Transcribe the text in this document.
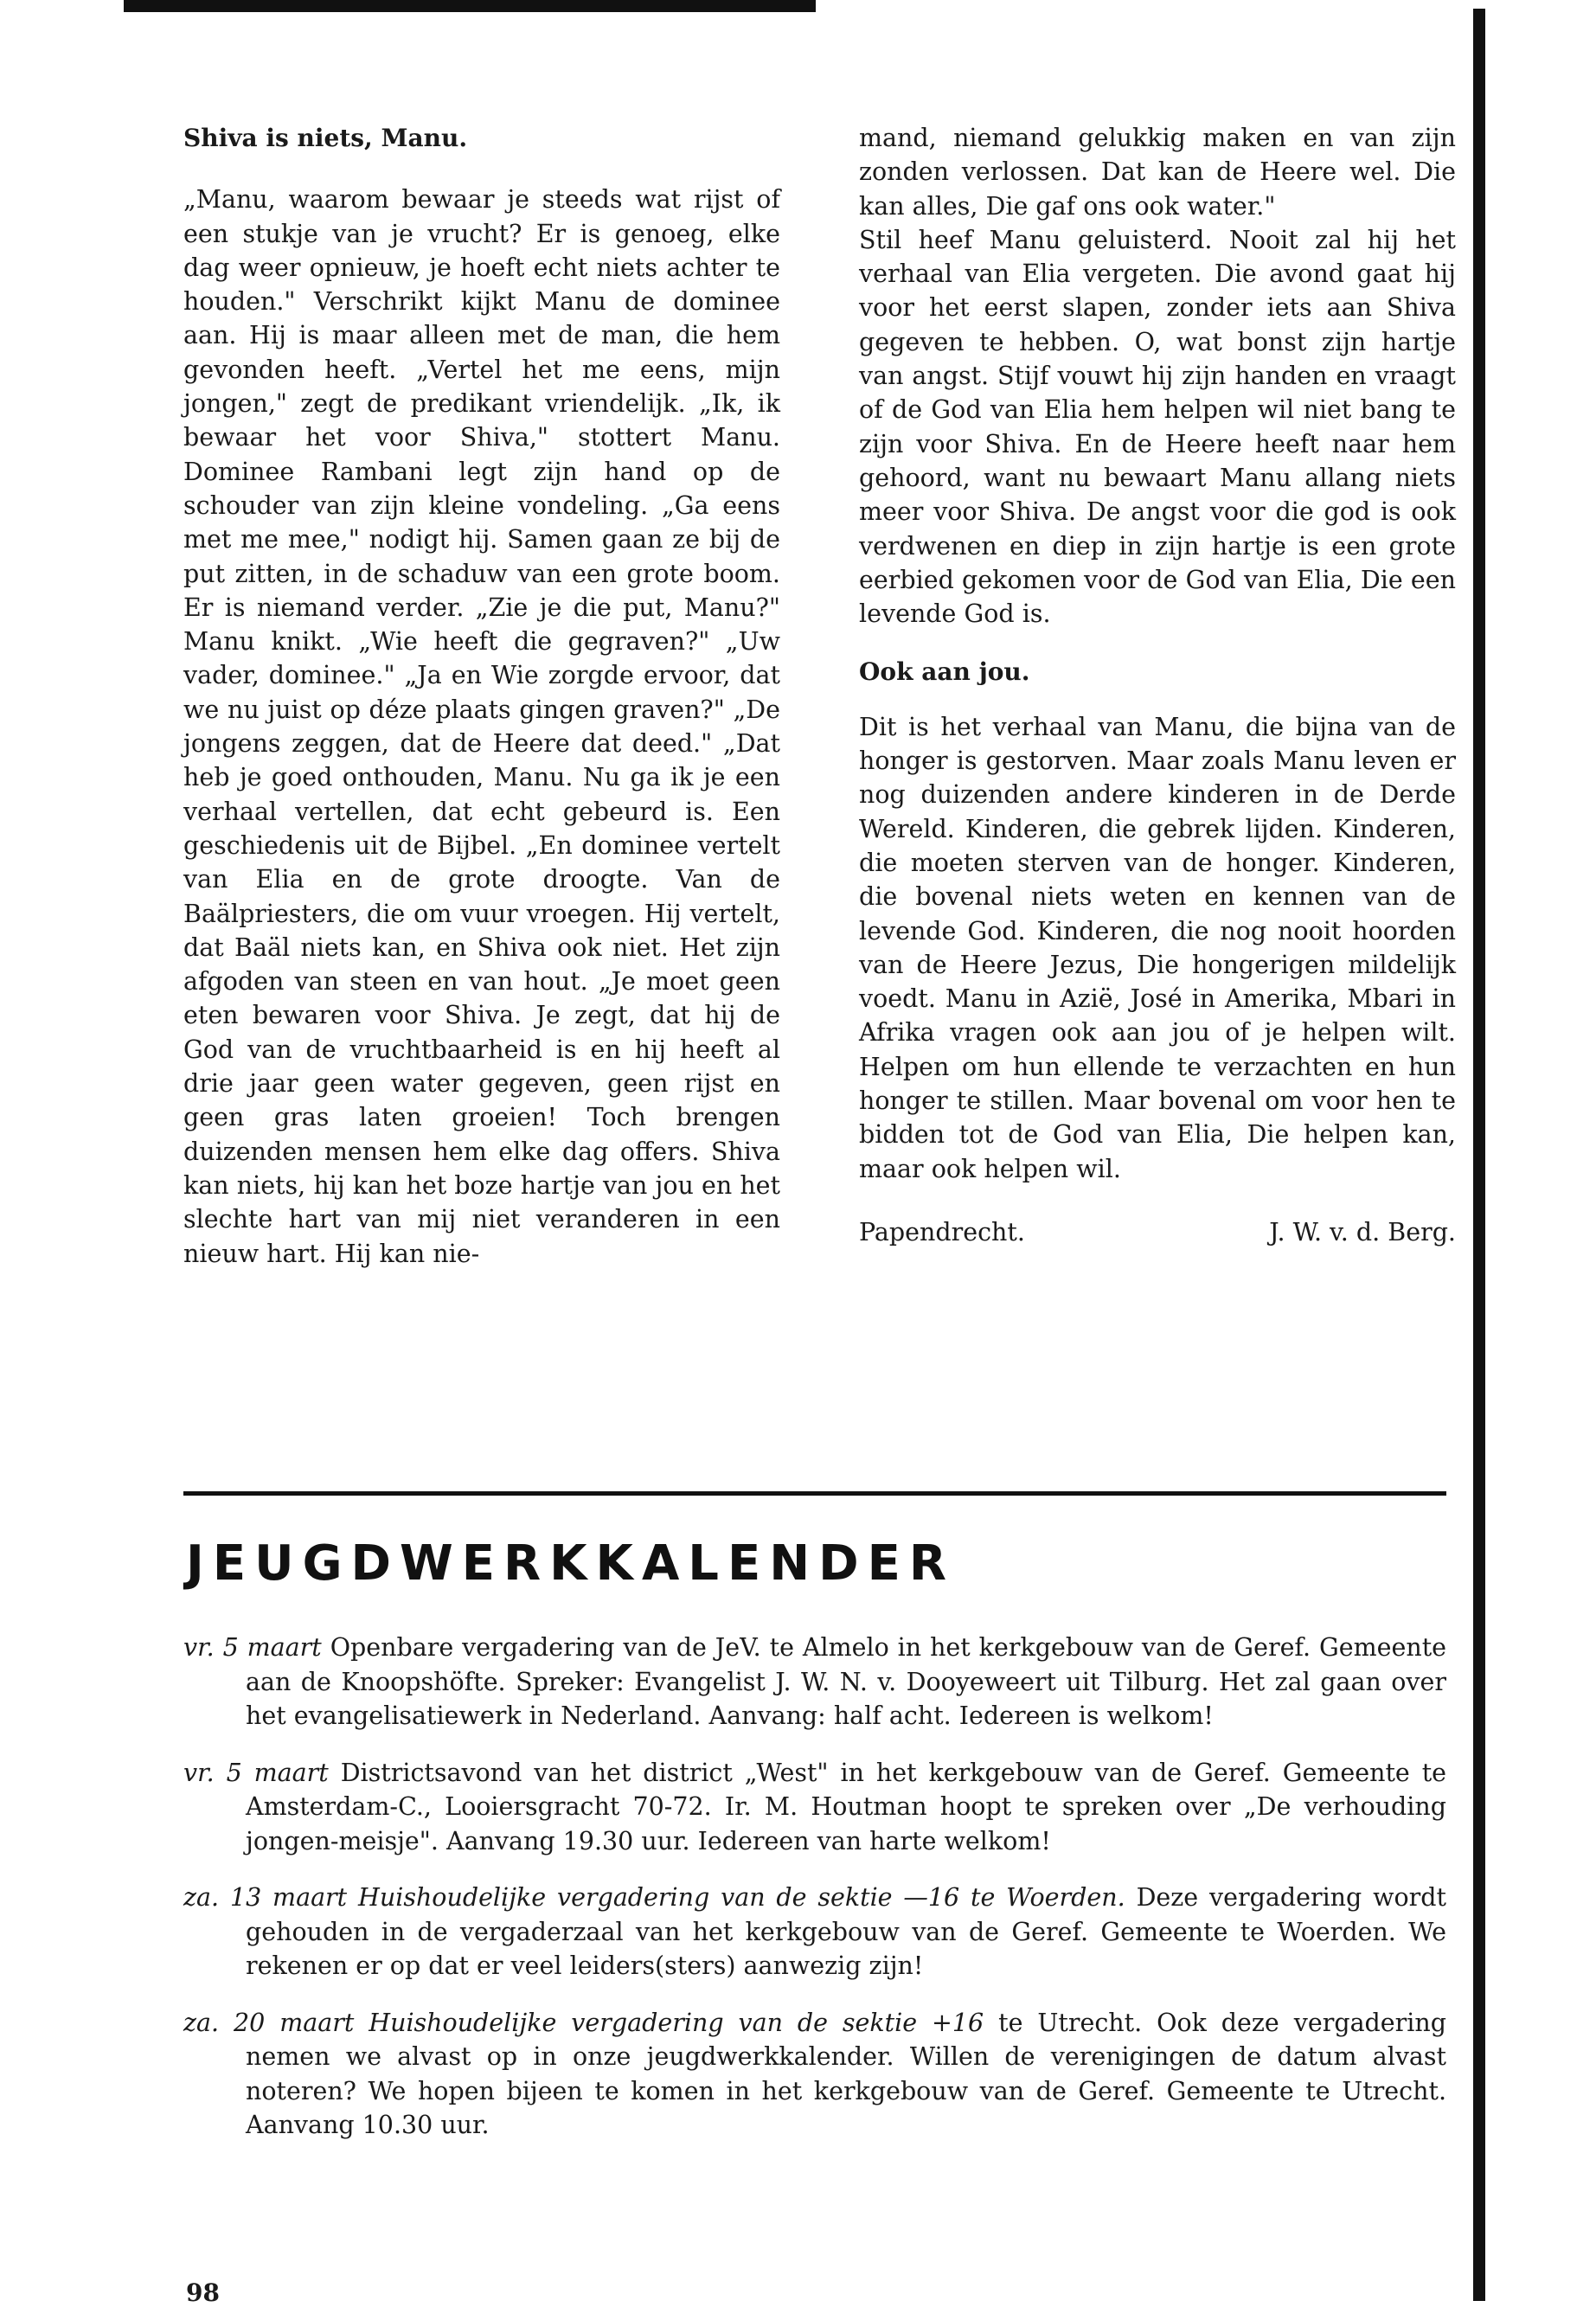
Shiva is niets, Manu.

„Manu, waarom bewaar je steeds wat rijst of een stukje van je vrucht? Er is genoeg, elke dag weer opnieuw, je hoeft echt niets achter te houden." Verschrikt kijkt Manu de dominee aan. Hij is maar alleen met de man, die hem gevonden heeft. „Vertel het me eens, mijn jongen," zegt de predikant vriendelijk. „Ik, ik bewaar het voor Shiva," stottert Manu. Dominee Rambani legt zijn hand op de schouder van zijn kleine vondeling. „Ga eens met me mee," nodigt hij. Samen gaan ze bij de put zitten, in de schaduw van een grote boom. Er is niemand verder. „Zie je die put, Manu?" Manu knikt. „Wie heeft die gegraven?" „Uw vader, dominee." „Ja en Wie zorgde ervoor, dat we nu juist op déze plaats gingen graven?" „De jongens zeggen, dat de Heere dat deed." „Dat heb je goed onthouden, Manu. Nu ga ik je een verhaal vertellen, dat echt gebeurd is. Een geschiedenis uit de Bijbel. „En dominee vertelt van Elia en de grote droogte. Van de Baälpriesters, die om vuur vroegen. Hij vertelt, dat Baäl niets kan, en Shiva ook niet. Het zijn afgoden van steen en van hout. „Je moet geen eten bewaren voor Shiva. Je zegt, dat hij de God van de vruchtbaarheid is en hij heeft al drie jaar geen water gegeven, geen rijst en geen gras laten groeien! Toch brengen duizenden mensen hem elke dag offers. Shiva kan niets, hij kan het boze hartje van jou en het slechte hart van mij niet veranderen in een nieuw hart. Hij kan nie-

mand, niemand gelukkig maken en van zijn zonden verlossen. Dat kan de Heere wel. Die kan alles, Die gaf ons ook water."

Stil heef Manu geluisterd. Nooit zal hij het verhaal van Elia vergeten. Die avond gaat hij voor het eerst slapen, zonder iets aan Shiva gegeven te hebben. O, wat bonst zijn hartje van angst. Stijf vouwt hij zijn handen en vraagt of de God van Elia hem helpen wil niet bang te zijn voor Shiva. En de Heere heeft naar hem gehoord, want nu bewaart Manu allang niets meer voor Shiva. De angst voor die god is ook verdwenen en diep in zijn hartje is een grote eerbied gekomen voor de God van Elia, Die een levende God is.

Ook aan jou.

Dit is het verhaal van Manu, die bijna van de honger is gestorven. Maar zoals Manu leven er nog duizenden andere kinderen in de Derde Wereld. Kinderen, die gebrek lijden. Kinderen, die moeten sterven van de honger. Kinderen, die bovenal niets weten en kennen van de levende God. Kinderen, die nog nooit hoorden van de Heere Jezus, Die hongerigen mildelijk voedt. Manu in Azië, José in Amerika, Mbari in Afrika vragen ook aan jou of je helpen wilt. Helpen om hun ellende te verzachten en hun honger te stillen. Maar bovenal om voor hen te bidden tot de God van Elia, Die helpen kan, maar ook helpen wil.

Papendrecht.	J. W. v. d. Berg.
JEUGDWERKKALENDER

vr. 5 maart Openbare vergadering van de JeV. te Almelo in het kerkgebouw van de Geref. Gemeente aan de Knoopshöfte. Spreker: Evangelist J. W. N. v. Dooyeweert uit Tilburg. Het zal gaan over het evangelisatiewerk in Nederland. Aanvang: half acht. Iedereen is welkom!

vr. 5 maart Districtsavond van het district „West" in het kerkgebouw van de Geref. Gemeente te Amsterdam-C., Looiersgracht 70-72. Ir. M. Houtman hoopt te spreken over „De verhouding jongen-meisje". Aanvang 19.30 uur. Iedereen van harte welkom!

za. 13 maart Huishoudelijke vergadering van de sektie —16 te Woerden. Deze vergadering wordt gehouden in de vergaderzaal van het kerkgebouw van de Geref. Gemeente te Woerden. We rekenen er op dat er veel leiders(sters) aanwezig zijn!

za. 20 maart Huishoudelijke vergadering van de sektie +16 te Utrecht. Ook deze vergadering nemen we alvast op in onze jeugdwerkkalender. Willen de verenigingen de datum alvast noteren? We hopen bijeen te komen in het kerkgebouw van de Geref. Gemeente te Utrecht. Aanvang 10.30 uur.

98
